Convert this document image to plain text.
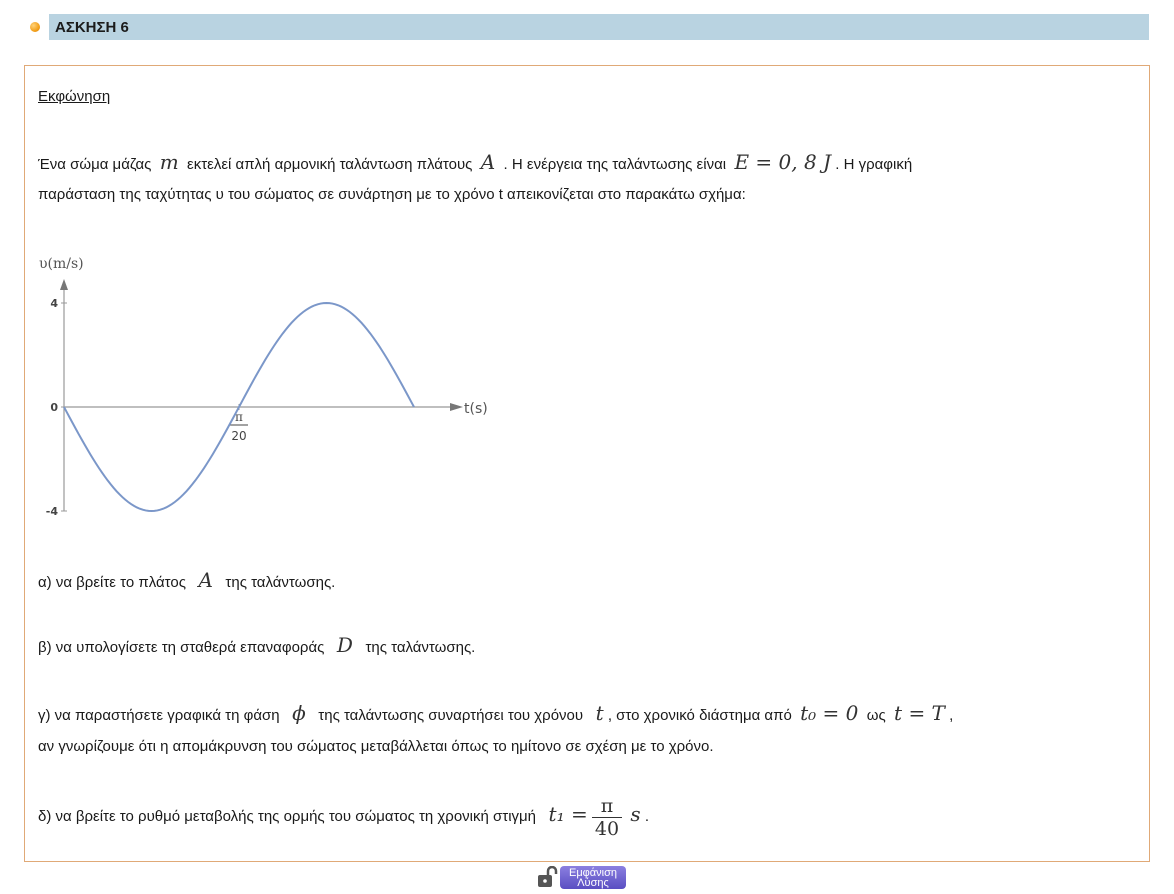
ΑΣΚΗΣΗ 6
Εκφώνηση
Ένα σώμα μάζας m εκτελεί απλή αρμονική ταλάντωση πλάτους A . Η ενέργεια της ταλάντωσης είναι E = 0, 8 J . Η γραφική
παράσταση της ταχύτητας υ του σώματος σε συνάρτηση με το χρόνο t απεικονίζεται στο παρακάτω σχήμα:
υ(m/s)
t(s)
4
0
-4
π
20
α) να βρείτε το πλάτος A της ταλάντωσης.
β) να υπολογίσετε τη σταθερά επαναφοράς D της ταλάντωσης.
γ) να παραστήσετε γραφικά τη φάση ϕ της ταλάντωσης συναρτήσει του χρόνου t , στο χρονικό διάστημα από t₀ = 0 ως t = T ,
αν γνωρίζουμε ότι η απομάκρυνση του σώματος μεταβάλλεται όπως το ημίτονο σε σχέση με το χρόνο.
δ) να βρείτε το ρυθμό μεταβολής της ορμής του σώματος τη χρονική στιγμή $t_1 = \frac{\pi}{40}$ s .
Εμφάνιση Λύσης
